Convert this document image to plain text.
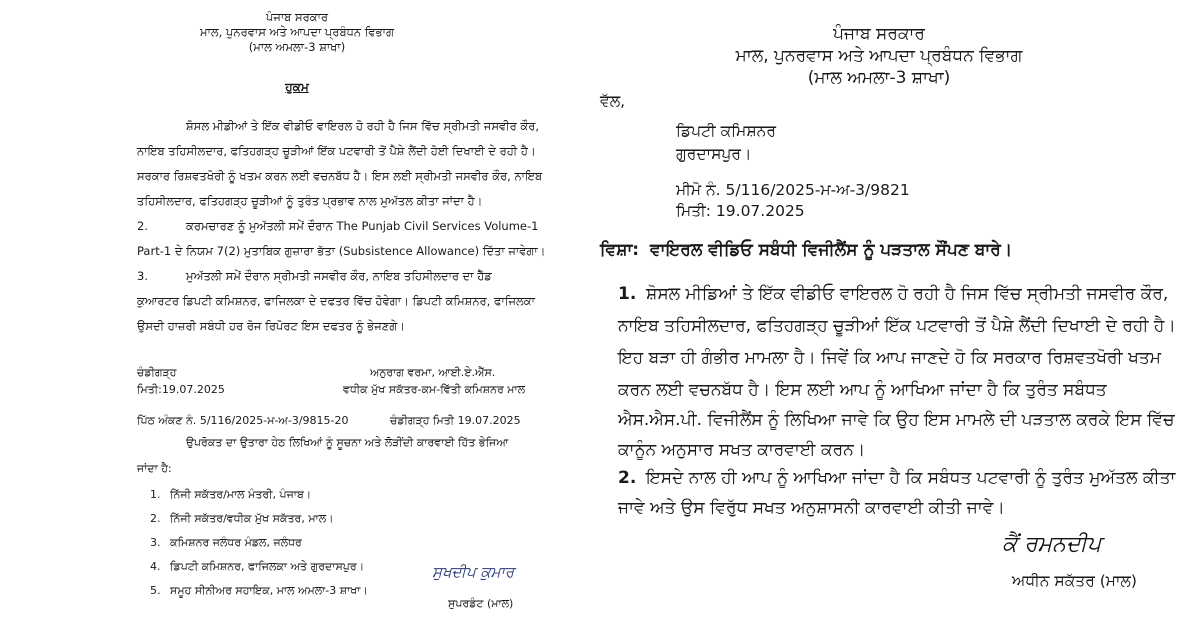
ਪੰਜਾਬ ਸਰਕਾਰ
ਮਾਲ, ਪੁਨਰਵਾਸ ਅਤੇ ਆਪਦਾ ਪ੍ਰਬੰਧਨ ਵਿਭਾਗ
(ਮਾਲ ਅਮਲਾ-3 ਸ਼ਾਖਾ)
ਹੁਕਮ
ਸ਼ੋਸਲ ਮੀਡੀਆਂ ਤੇ ਇੱਕ ਵੀਡੀਓ ਵਾਇਰਲ ਹੋ ਰਹੀ ਹੈ ਜਿਸ ਵਿੱਚ ਸ੍ਰੀਮਤੀ ਜਸਵੀਰ ਕੌਰ,
ਨਾਇਬ ਤਹਿਸੀਲਦਾਰ, ਫਤਿਹਗੜ੍ਹ ਚੂੜੀਆਂ ਇੱਕ ਪਟਵਾਰੀ ਤੋਂ ਪੈਸ਼ੇ ਲੈਂਦੀ ਹੋਈ ਦਿਖਾਈ ਦੇ ਰਹੀ ਹੈ।
ਸਰਕਾਰ ਰਿਸ਼ਵਤਖੋਰੀ ਨੂੰ ਖਤਮ ਕਰਨ ਲਈ ਵਚਨਬੱਧ ਹੈ। ਇਸ ਲਈ ਸ੍ਰੀਮਤੀ ਜਸਵੀਰ ਕੌਰ, ਨਾਇਬ
ਤਹਿਸੀਲਦਾਰ, ਫਤਿਹਗੜ੍ਹ ਚੂੜੀਆਂ ਨੂੰ ਤੁਰੰਤ ਪ੍ਰਭਾਵ ਨਾਲ ਮੁਅੱਤਲ ਕੀਤਾ ਜਾਂਦਾ ਹੈ।
2.	ਕਰਮਚਾਰਣ ਨੂੰ ਮੁਅੱਤਲੀ ਸਮੇਂ ਦੌਰਾਨ The Punjab Civil Services Volume-1
Part-1 ਦੇ ਨਿਯਮ 7(2) ਮੁਤਾਬਿਕ ਗੁਜ਼ਾਰਾ ਭੱਤਾ (Subsistence Allowance) ਦਿੱਤਾ ਜਾਵੇਗਾ।
3.	ਮੁਅੱਤਲੀ ਸਮੇਂ ਦੌਰਾਨ ਸ੍ਰੀਮਤੀ ਜਸਵੀਰ ਕੌਰ, ਨਾਇਬ ਤਹਿਸੀਲਦਾਰ ਦਾ ਹੈੱਡ
ਕੁਆਰਟਰ ਡਿਪਟੀ ਕਮਿਸ਼ਨਰ, ਫਾਜਿਲਕਾ ਦੇ ਦਫਤਰ ਵਿੱਚ ਹੋਵੇਗਾ। ਡਿਪਟੀ ਕਮਿਸ਼ਨਰ, ਫਾਜਿਲਕਾ
ਉਸਦੀ ਹਾਜ਼ਰੀ ਸਬੰਧੀ ਹਰ ਰੋਜ ਰਿਪੋਰਟ ਇਸ ਦਫਤਰ ਨੂੰ ਭੇਜਣਗੇ।
ਚੰਡੀਗੜ੍ਹ
ਮਿਤੀ:19.07.2025
ਅਨੁਰਾਗ ਵਰਮਾ, ਆਈ.ਏ.ਐੱਸ.
ਵਧੀਕ ਮੁੱਖ ਸਕੱਤਰ-ਕਮ-ਵਿੱਤੀ ਕਮਿਸ਼ਨਰ ਮਾਲ
ਪਿੱਠ ਅੰਕਣ ਨੰ. 5/116/2025-ਮ-ਅ-3/9815-20	ਚੰਡੀਗੜ੍ਹ ਮਿਤੀ 19.07.2025
ਉਪਰੋਕਤ ਦਾ ਉਤਾਰਾ ਹੇਠ ਲਿਖਿਆਂ ਨੂੰ ਸੂਚਨਾ ਅਤੇ ਲੋੜੀਂਦੀ ਕਾਰਵਾਈ ਹਿੱਤ ਭੇਜਿਆ
ਜਾਂਦਾ ਹੈ:
1. ਨਿੱਜੀ ਸਕੱਤਰ/ਮਾਲ ਮੰਤਰੀ, ਪੰਜਾਬ।
2. ਨਿੱਜੀ ਸਕੱਤਰ/ਵਧੀਕ ਮੁੱਖ ਸਕੱਤਰ, ਮਾਲ।
3. ਕਮਿਸ਼ਨਰ ਜਲੰਧਰ ਮੰਡਲ, ਜਲੰਧਰ
4. ਡਿਪਟੀ ਕਮਿਸ਼ਨਰ, ਫਾਜਿਲਕਾ ਅਤੇ ਗੁਰਦਾਸਪੁਰ।
5. ਸਮੂਹ ਸੀਨੀਅਰ ਸਹਾਇਕ, ਮਾਲ ਅਮਲਾ-3 ਸ਼ਾਖਾ।
ਸੁਖਦੀਪ ਕੁਮਾਰ
ਸੁਪਰਡੰਟ (ਮਾਲ)
ਪੰਜਾਬ ਸਰਕਾਰ
ਮਾਲ, ਪੁਨਰਵਾਸ ਅਤੇ ਆਪਦਾ ਪ੍ਰਬੰਧਨ ਵਿਭਾਗ
(ਮਾਲ ਅਮਲਾ-3 ਸ਼ਾਖਾ)
ਵੱਲ,
ਡਿਪਟੀ ਕਮਿਸ਼ਨਰ
ਗੁਰਦਾਸਪੁਰ।
ਮੀਮੋ ਨੰ. 5/116/2025-ਮ-ਅ-3/9821
ਮਿਤੀ: 19.07.2025
ਵਿਸ਼ਾ: ਵਾਇਰਲ ਵੀਡਿਓ ਸਬੰਧੀ ਵਿਜੀਲੈਂਸ ਨੂੰ ਪੜਤਾਲ ਸੌਂਪਣ ਬਾਰੇ।
1. ਸ਼ੋਸਲ ਮੀਡਿਆਂ ਤੇ ਇੱਕ ਵੀਡੀਓ ਵਾਇਰਲ ਹੋ ਰਹੀ ਹੈ ਜਿਸ ਵਿੱਚ ਸ੍ਰੀਮਤੀ ਜਸਵੀਰ ਕੌਰ,
ਨਾਇਬ ਤਹਿਸੀਲਦਾਰ, ਫਤਿਹਗੜ੍ਹ ਚੂੜੀਆਂ ਇੱਕ ਪਟਵਾਰੀ ਤੋਂ ਪੈਸ਼ੇ ਲੈਂਦੀ ਦਿਖਾਈ ਦੇ ਰਹੀ ਹੈ।
ਇਹ ਬੜਾ ਹੀ ਗੰਭੀਰ ਮਾਮਲਾ ਹੈ। ਜਿਵੇਂ ਕਿ ਆਪ ਜਾਣਦੇ ਹੋ ਕਿ ਸਰਕਾਰ ਰਿਸ਼ਵਤਖੋਰੀ ਖਤਮ
ਕਰਨ ਲਈ ਵਚਨਬੱਧ ਹੈ। ਇਸ ਲਈ ਆਪ ਨੂੰ ਆਖਿਆ ਜਾਂਦਾ ਹੈ ਕਿ ਤੁਰੰਤ ਸਬੰਧਤ
ਐਸ.ਐਸ.ਪੀ. ਵਿਜੀਲੈਂਸ ਨੂੰ ਲਿਖਿਆ ਜਾਵੇ ਕਿ ਉਹ ਇਸ ਮਾਮਲੇ ਦੀ ਪੜਤਾਲ ਕਰਕੇ ਇਸ ਵਿੱਚ
ਕਾਨੂੰਨ ਅਨੁਸਾਰ ਸਖਤ ਕਾਰਵਾਈ ਕਰਨ।
2. ਇਸਦੇ ਨਾਲ ਹੀ ਆਪ ਨੂੰ ਆਖਿਆ ਜਾਂਦਾ ਹੈ ਕਿ ਸਬੰਧਤ ਪਟਵਾਰੀ ਨੂੰ ਤੁਰੰਤ ਮੁਅੱਤਲ ਕੀਤਾ
ਜਾਵੇ ਅਤੇ ਉਸ ਵਿਰੁੱਧ ਸਖਤ ਅਨੁਸ਼ਾਸਨੀ ਕਾਰਵਾਈ ਕੀਤੀ ਜਾਵੇ।
ਕੈਂ ਰਮਨਦੀਪ
ਅਧੀਨ ਸਕੱਤਰ (ਮਾਲ)
